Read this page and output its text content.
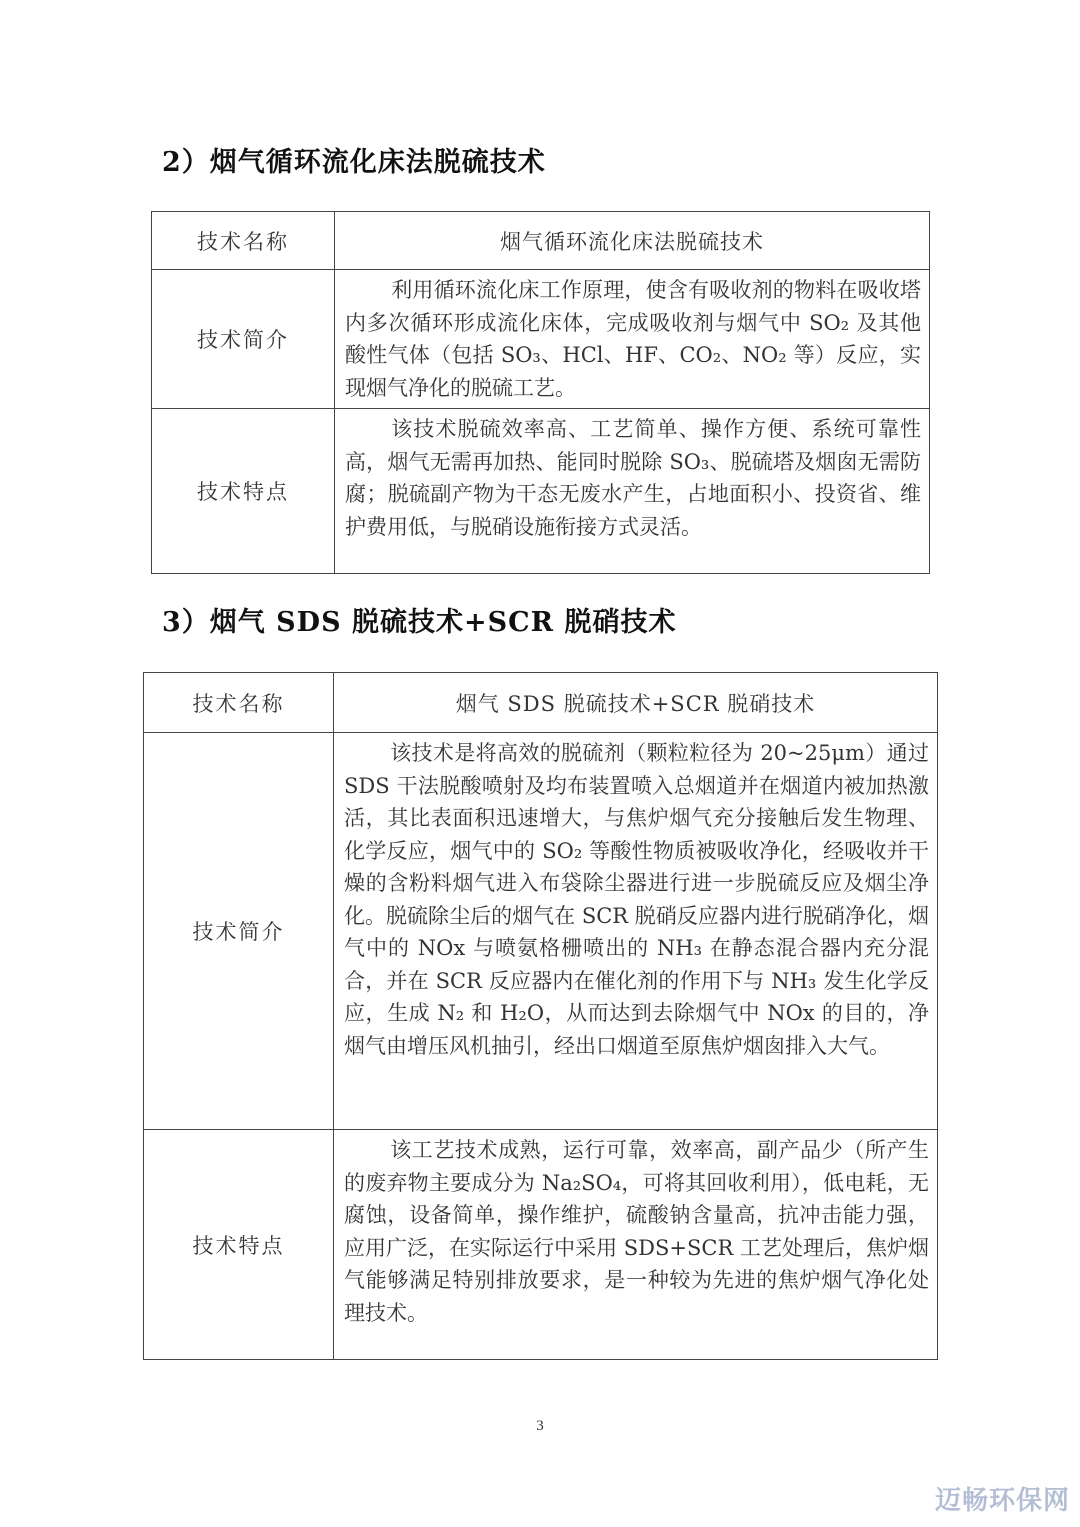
2）烟气循环流化床法脱硫技术
技术名称	烟气循环流化床法脱硫技术
技术简介	利用循环流化床工作原理，使含有吸收剂的物料在吸收塔内多次循环形成流化床体，完成吸收剂与烟气中 SO₂ 及其他酸性气体（包括 SO₃、HCl、HF、CO₂、NO₂ 等）反应，实现烟气净化的脱硫工艺。

技术特点	该技术脱硫效率高、工艺简单、操作方便、系统可靠性高，烟气无需再加热、能同时脱除 SO₃、脱硫塔及烟囱无需防腐；脱硫副产物为干态无废水产生，占地面积小、投资省、维护费用低，与脱硝设施衔接方式灵活。

3）烟气 SDS 脱硫技术+SCR 脱硝技术
技术名称	烟气 SDS 脱硫技术+SCR 脱硝技术
技术简介	该技术是将高效的脱硫剂（颗粒粒径为 20~25μm）通过 SDS 干法脱酸喷射及均布装置喷入总烟道并在烟道内被加热激活，其比表面积迅速增大，与焦炉烟气充分接触后发生物理、化学反应，烟气中的 SO₂ 等酸性物质被吸收净化，经吸收并干燥的含粉料烟气进入布袋除尘器进行进一步脱硫反应及烟尘净化。脱硫除尘后的烟气在 SCR 脱硝反应器内进行脱硝净化，烟气中的 NOx 与喷氨格栅喷出的 NH₃ 在静态混合器内充分混合，并在 SCR 反应器内在催化剂的作用下与 NH₃ 发生化学反应，生成 N₂ 和 H₂O，从而达到去除烟气中 NOx 的目的，净烟气由增压风机抽引，经出口烟道至原焦炉烟囱排入大气。

技术特点	该工艺技术成熟，运行可靠，效率高，副产品少（所产生的废弃物主要成分为 Na₂SO₄，可将其回收利用），低电耗，无腐蚀，设备简单，操作维护，硫酸钠含量高，抗冲击能力强，应用广泛，在实际运行中采用 SDS+SCR 工艺处理后，焦炉烟气能够满足特别排放要求，是一种较为先进的焦炉烟气净化处理技术。

3
迈畅环保网
